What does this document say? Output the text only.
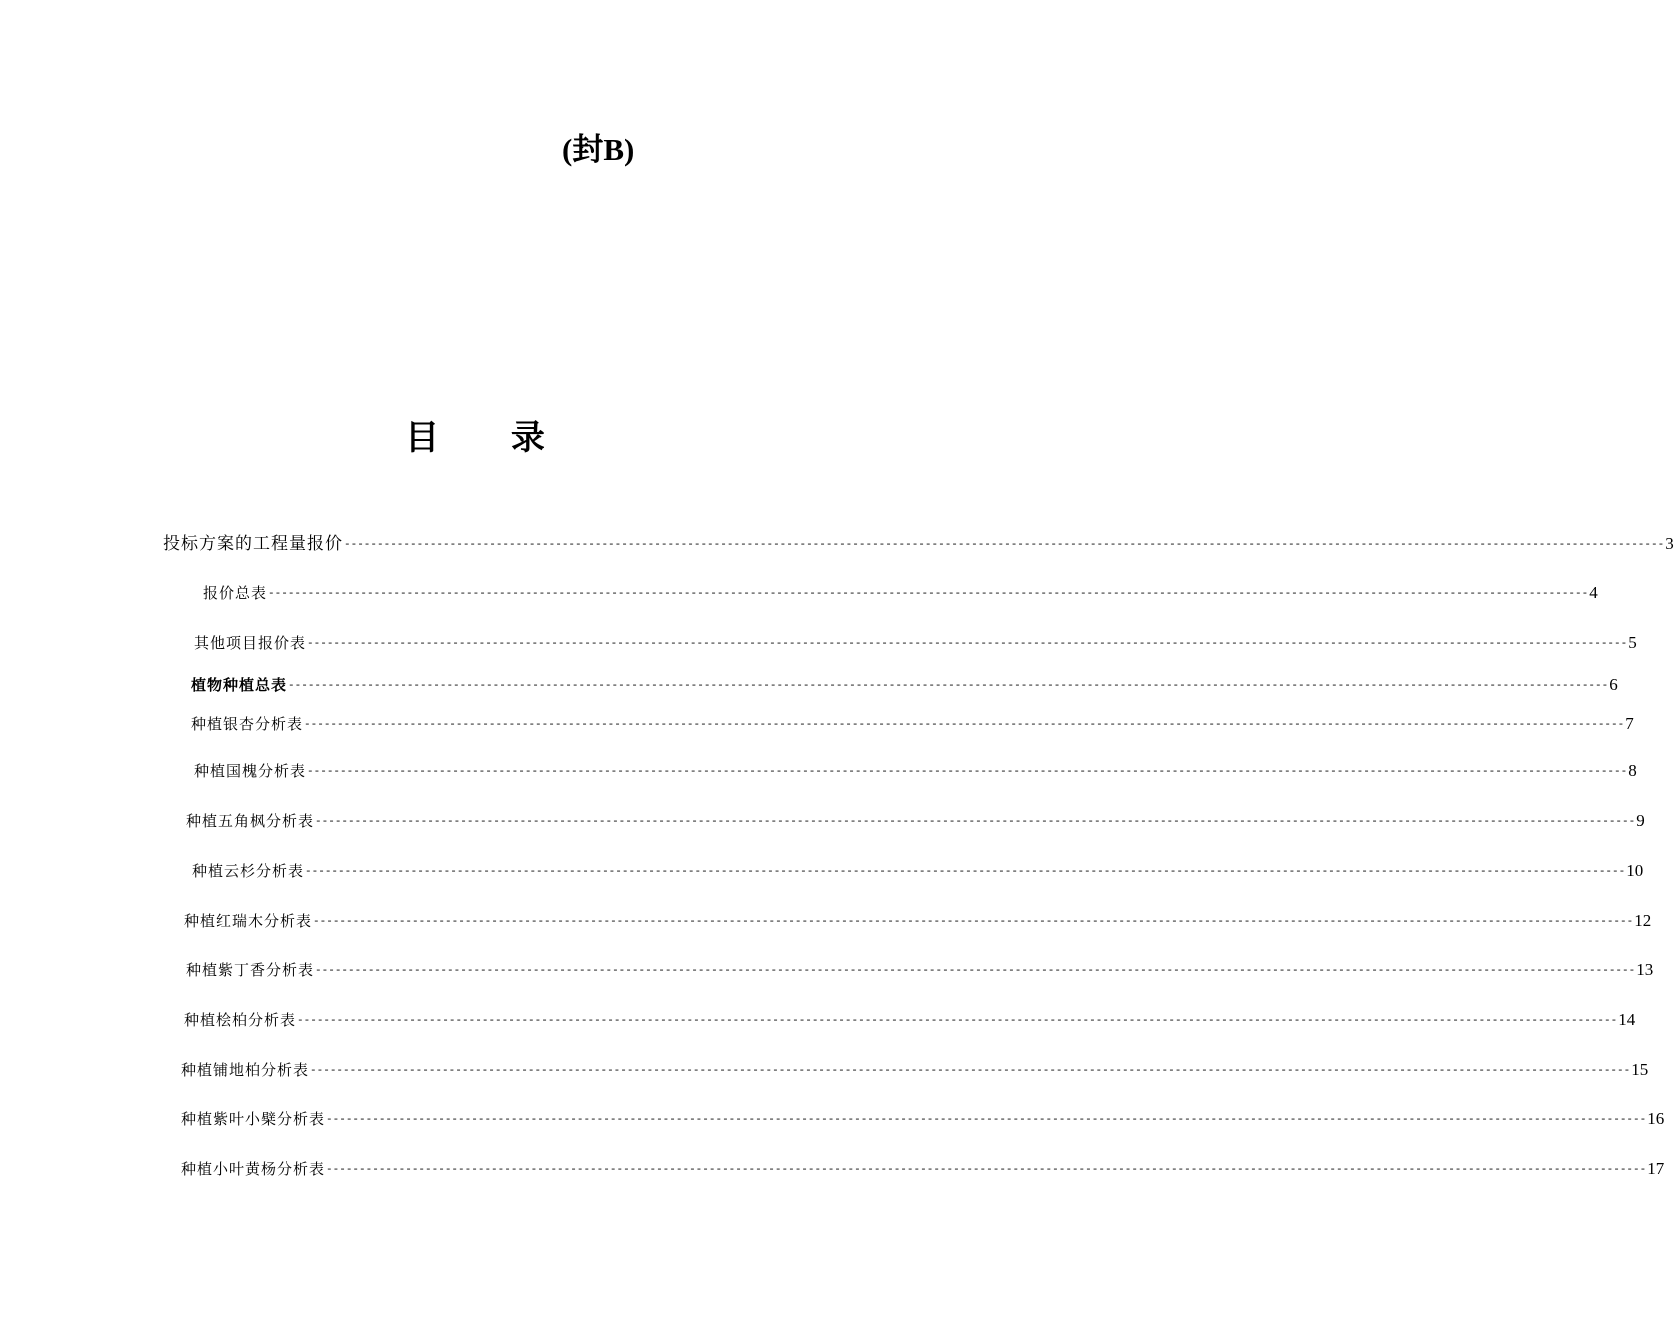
(封B)
目 录
投标方案的工程量报价 -------------------------------------------------------------------------------------------------------------------------------------------------------------------------------------------------------- 3
报价总表 -------------------------------------------------------------------------------------------------------------------------------------------------------------------------------------------------------- 4
其他项目报价表 -------------------------------------------------------------------------------------------------------------------------------------------------------------------------------------------------------- 5
植物种植总表 -------------------------------------------------------------------------------------------------------------------------------------------------------------------------------------------------------- 6
种植银杏分析表 -------------------------------------------------------------------------------------------------------------------------------------------------------------------------------------------------------- 7
种植国槐分析表 -------------------------------------------------------------------------------------------------------------------------------------------------------------------------------------------------------- 8
种植五角枫分析表 -------------------------------------------------------------------------------------------------------------------------------------------------------------------------------------------------------- 9
种植云杉分析表 -------------------------------------------------------------------------------------------------------------------------------------------------------------------------------------------------------- 10
种植红瑞木分析表 -------------------------------------------------------------------------------------------------------------------------------------------------------------------------------------------------------- 12
种植紫丁香分析表 -------------------------------------------------------------------------------------------------------------------------------------------------------------------------------------------------------- 13
种植桧柏分析表 -------------------------------------------------------------------------------------------------------------------------------------------------------------------------------------------------------- 14
种植铺地柏分析表 -------------------------------------------------------------------------------------------------------------------------------------------------------------------------------------------------------- 15
种植紫叶小檗分析表 -------------------------------------------------------------------------------------------------------------------------------------------------------------------------------------------------------- 16
种植小叶黄杨分析表 -------------------------------------------------------------------------------------------------------------------------------------------------------------------------------------------------------- 17
